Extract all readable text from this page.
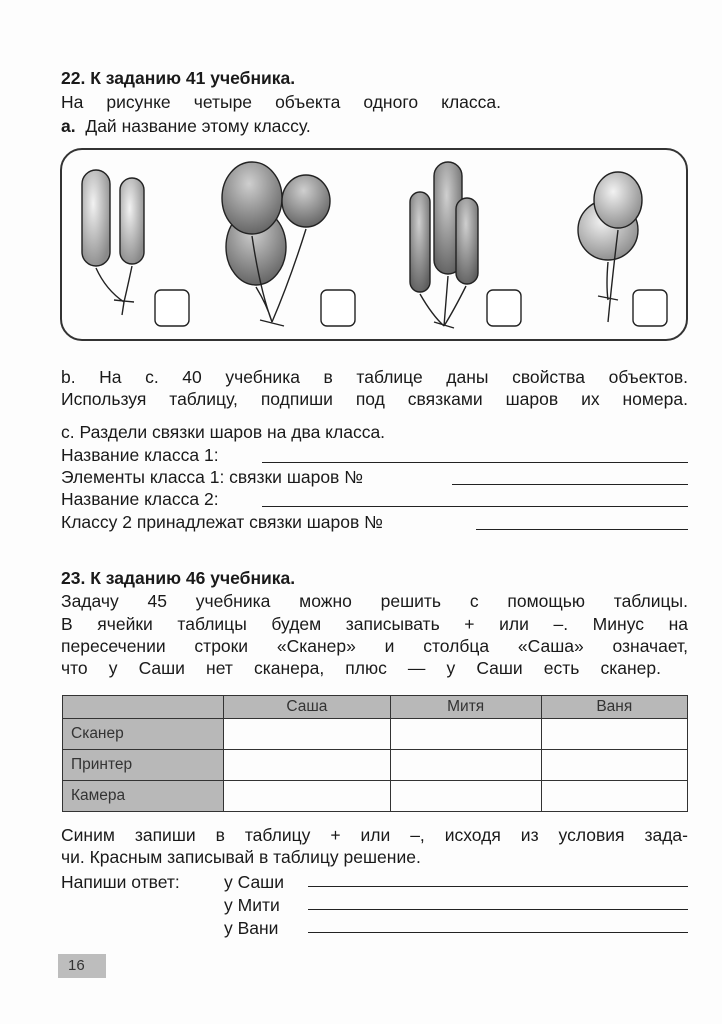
22. К заданию 41 учебника.
На рисунке четыре объекта одного класса.
a. Дай название этому классу.
b. На с. 40 учебника в таблице даны свойства объектов.
Используя таблицу, подпиши под связками шаров их номера.
c. Раздели связки шаров на два класса.
Название класса 1:
Элементы класса 1: связки шаров №
Название класса 2:
Классу 2 принадлежат связки шаров №
23. К заданию 46 учебника.
Задачу 45 учебника можно решить с помощью таблицы.
В ячейки таблицы будем записывать + или –. Минус на
пересечении строки «Сканер» и столбца «Саша» означает,
что у Саши нет сканера, плюс — у Саши есть сканер.
	Саша	Митя	Ваня
Сканер			
Принтер			
Камера			
Синим запиши в таблицу + или –, исходя из условия зада-
чи. Красным записывай в таблицу решение.
Напиши ответ:	у Саши
у Мити
у Вани
16
